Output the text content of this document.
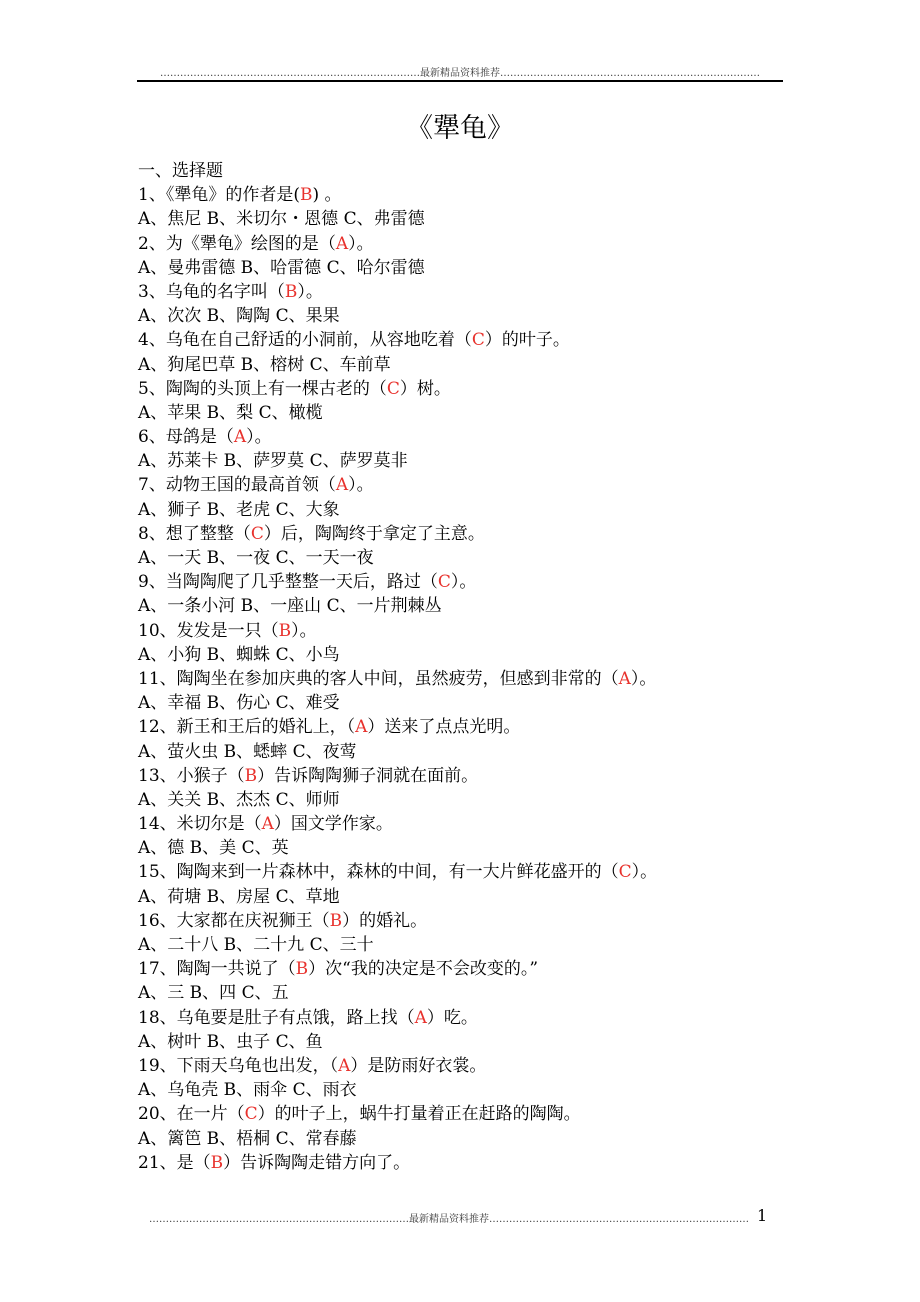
……………………………………………………………………最新精品资料推荐……………………………………………………………………
《犟龟》
一、选择题
1、《犟龟》的作者是(B) 。
A、焦尼 B、米切尔・恩德 C、弗雷德
2、为《犟龟》绘图的是（A）。
A、曼弗雷德 B、哈雷德 C、哈尔雷德
3、乌龟的名字叫（B）。
A、次次 B、陶陶 C、果果
4、乌龟在自己舒适的小洞前，从容地吃着（C）的叶子。
A、狗尾巴草 B、榕树 C、车前草
5、陶陶的头顶上有一棵古老的（C）树。
A、苹果 B、梨 C、橄榄
6、母鸽是（A）。
A、苏莱卡 B、萨罗莫 C、萨罗莫非
7、动物王国的最高首领（A）。
A、狮子 B、老虎 C、大象
8、想了整整（C）后，陶陶终于拿定了主意。
A、一天 B、一夜 C、一天一夜
9、当陶陶爬了几乎整整一天后，路过（C）。
A、一条小河 B、一座山 C、一片荆棘丛
10、发发是一只（B）。
A、小狗 B、蜘蛛 C、小鸟
11、陶陶坐在参加庆典的客人中间，虽然疲劳，但感到非常的（A）。
A、幸福 B、伤心 C、难受
12、新王和王后的婚礼上，（A）送来了点点光明。
A、萤火虫 B、蟋蟀 C、夜莺
13、小猴子（B）告诉陶陶狮子洞就在面前。
A、关关 B、杰杰 C、师师
14、米切尔是（A）国文学作家。
A、德 B、美 C、英
15、陶陶来到一片森林中，森林的中间，有一大片鲜花盛开的（C）。
A、荷塘 B、房屋 C、草地
16、大家都在庆祝狮王（B）的婚礼。
A、二十八 B、二十九 C、三十
17、陶陶一共说了（B）次“我的决定是不会改变的。”
A、三 B、四 C、五
18、乌龟要是肚子有点饿，路上找（A）吃。
A、树叶 B、虫子 C、鱼
19、下雨天乌龟也出发，（A）是防雨好衣裳。
A、乌龟壳 B、雨伞 C、雨衣
20、在一片（C）的叶子上，蜗牛打量着正在赶路的陶陶。
A、篱笆 B、梧桐 C、常春藤
21、是（B）告诉陶陶走错方向了。
……………………………………………………………………最新精品资料推荐…………………………………………………………………… 1
